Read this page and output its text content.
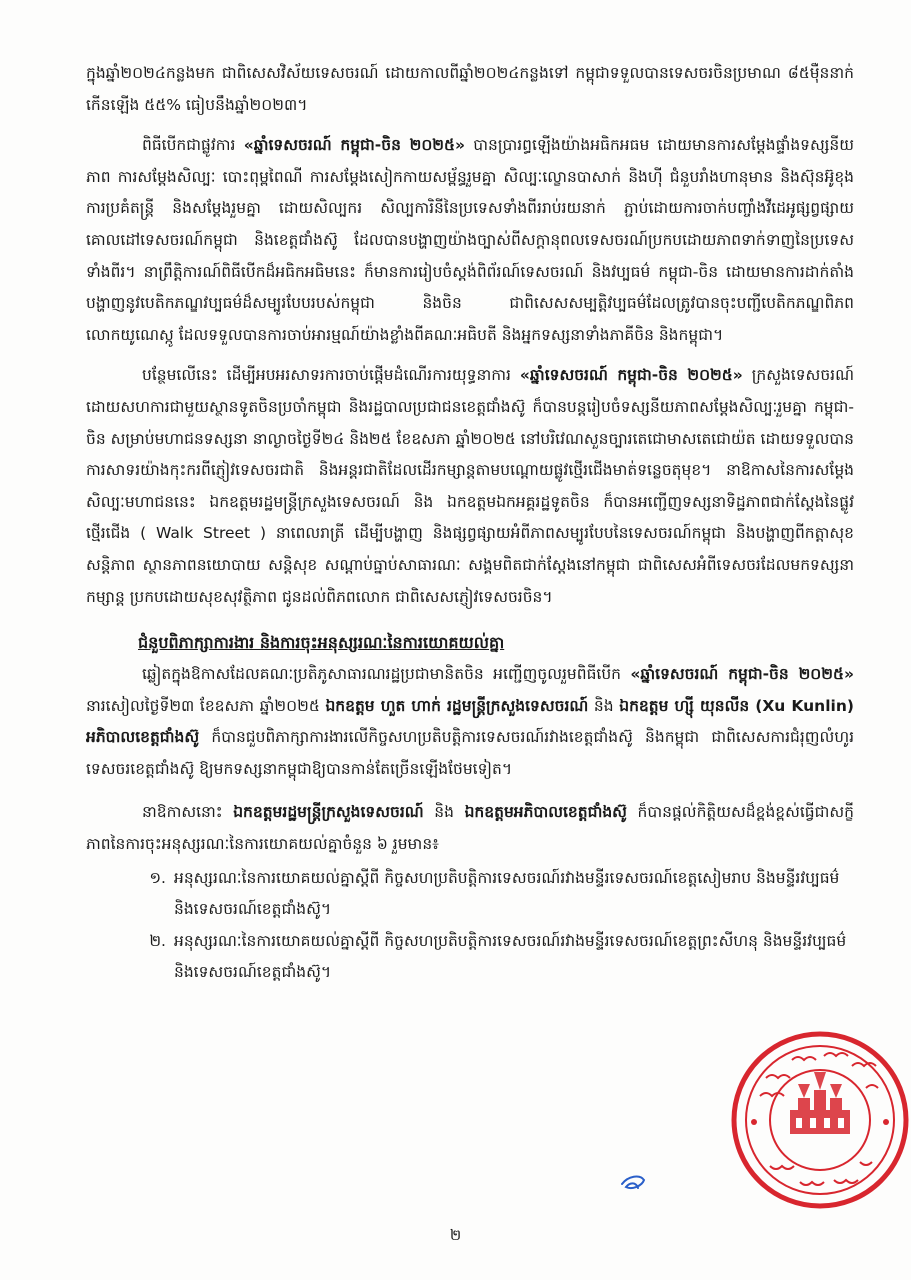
ក្នុងឆ្នាំ២០២៤កន្លងមក ជាពិសេសវិស័យទេសចរណ៍ ដោយកាលពីឆ្នាំ២០២៤កន្លងទៅ កម្ពុជាទទួលបានទេសចរចិនប្រមាណ ៨៥ម៉ឺននាក់ កើនឡើង ៥៥% ធៀបនឹងឆ្នាំ២០២៣។

ពិធីបើកជាផ្លូវការ «ឆ្នាំទេសចរណ៍ កម្ពុជា-ចិន ២០២៥» បានប្រារព្ធឡើងយ៉ាងអធិកអធម ដោយមានការសម្តែងផ្ទាំងទស្សនីយភាព ការសម្តែងសិល្បៈ បោះពុម្ពពៃណី ការសម្តែងសៀកកាយសម្ព័ន្ធរួមគ្នា សិល្បៈល្ខោនបាសាក់ និងហ៊ី ជំនួបរាំងហានុមាន និងស៊ុនអ៊ូខុង ការប្រគំតន្ត្រី និងសម្តែងរួមគ្នា ដោយសិល្បករ សិល្បការិនីនៃប្រទេសទាំងពីររាប់រយនាក់ ភ្ជាប់ដោយការចាក់បញ្ចាំងវីដេអូផ្សព្វផ្សាយគោលដៅទេសចរណ៍កម្ពុជា និងខេត្តជាំងស៊ូ ដែលបានបង្ហាញយ៉ាងច្បាស់ពីសក្តានុពលទេសចរណ៍ប្រកបដោយភាពទាក់ទាញនៃប្រទេសទាំងពីរ។ នាព្រឹត្តិការណ៍ពិធីបើកដ៏អធិកអធិមនេះ ក៏មានការរៀបចំស្តង់ពិព័រណ៍ទេសចរណ៍ និងវប្បធម៌ កម្ពុជា-ចិន ដោយមានការដាក់តាំងបង្ហាញនូវបេតិកភណ្ឌវប្បធម៌ដ៏សម្បូរបែបរបស់កម្ពុជា និងចិន ជាពិសេសសម្បត្តិវប្បធម៌ដែលត្រូវបានចុះបញ្ជីបេតិកភណ្ឌពិភពលោកយូណេស្កូ ដែលទទួលបានការចាប់អារម្មណ៍យ៉ាងខ្លាំងពីគណៈអធិបតី និងអ្នកទស្សនាទាំងភាគីចិន និងកម្ពុជា។

បន្ថែមលើនេះ ដើម្បីអបអរសាទរការចាប់ផ្តើមដំណើរការយុទ្ធនាការ «ឆ្នាំទេសចរណ៍ កម្ពុជា-ចិន ២០២៥» ក្រសួងទេសចរណ៍ ដោយសហការជាមួយស្ថានទូតចិនប្រចាំកម្ពុជា និងរដ្ឋបាលប្រជាជនខេត្តជាំងស៊ូ ក៏បានបន្តរៀបចំទស្សនីយភាពសម្តែងសិល្បៈរួមគ្នា កម្ពុជា-ចិន សម្រាប់មហាជនទស្សនា នាល្ងាចថ្ងៃទី២៤ និង២៥ ខែឧសភា ឆ្នាំ២០២៥ នៅបរិវេណសួនច្បារតេជោមាសតេជោយ៉ត ដោយទទួលបានការសាទរយ៉ាងកុះករពីភ្ញៀវទេសចរជាតិ និងអន្តរជាតិដែលដើរកម្សាន្តតាមបណ្តោយផ្លូវថ្មើរជើងមាត់ទន្លេចតុមុខ។ នាឱកាសនៃការសម្តែងសិល្បៈមហាជននេះ ឯកឧត្តមរដ្ឋមន្ត្រីក្រសួងទេសចរណ៍ និង ឯកឧត្តមឯកអគ្គរដ្ឋទូតចិន ក៏បានអញ្ជើញទស្សនាទិដ្ឋភាពជាក់ស្តែងនៃផ្លូវថ្មើរជើង ( Walk Street ) នាពេលរាត្រី ដើម្បីបង្ហាញ និងផ្សព្វផ្សាយអំពីភាពសម្បូរបែបនៃទេសចរណ៍កម្ពុជា និងបង្ហាញពីកត្តាសុខសន្តិភាព ស្ថានភាពនយោបាយ សន្តិសុខ សណ្តាប់ធ្នាប់សាធារណៈ សង្គមពិតជាក់ស្តែងនៅកម្ពុជា ជាពិសេសអំពីទេសចរដែលមកទស្សនាកម្សាន្ត ប្រកបដោយសុខសុវត្ថិភាព ជូនដល់ពិភពលោក ជាពិសេសភ្ញៀវទេសចរចិន។

ជំនួបពិភាក្សាការងារ និងការចុះអនុស្សរណៈនៃការយោគយល់គ្នា

ឆ្លៀតក្នុងឱកាសដែលគណៈប្រតិភូសាធារណរដ្ឋប្រជាមានិតចិន អញ្ជើញចូលរួមពិធីបើក «ឆ្នាំទេសចរណ៍ កម្ពុជា-ចិន ២០២៥» នារសៀលថ្ងៃទី២៣ ខែឧសភា ឆ្នាំ២០២៥ ឯកឧត្តម ហួត ហាក់ រដ្ឋមន្ត្រីក្រសួងទេសចរណ៍ និង ឯកឧត្តម ហ្ស៊ី យុនលីន (Xu Kunlin) អភិបាលខេត្តជាំងស៊ូ ក៏បានជួបពិភាក្សាការងារលើកិច្ចសហប្រតិបត្តិការទេសចរណ៍រវាងខេត្តជាំងស៊ូ និងកម្ពុជា ជាពិសេសការជំរុញលំហូរទេសចរខេត្តជាំងស៊ូ ឱ្យមកទស្សនាកម្ពុជាឱ្យបានកាន់តែច្រើនឡើងថែមទៀត។

នាឱកាសនោះ ឯកឧត្តមរដ្ឋមន្ត្រីក្រសួងទេសចរណ៍ និង ឯកឧត្តមអភិបាលខេត្តជាំងស៊ូ ក៏បានផ្តល់កិត្តិយសដ៏ខ្ពង់ខ្ពស់ធ្វើជាសក្ខីភាពនៃការចុះអនុស្សរណៈនៃការយោគយល់គ្នាចំនួន ៦ រួមមាន៖

១. អនុស្សរណៈនៃការយោគយល់គ្នាស្តីពី កិច្ចសហប្រតិបត្តិការទេសចរណ៍រវាងមន្ទីរទេសចរណ៍ខេត្តសៀមរាប និងមន្ទីរវប្បធម៌ និងទេសចរណ៍ខេត្តជាំងស៊ូ។
២. អនុស្សរណៈនៃការយោគយល់គ្នាស្តីពី កិច្ចសហប្រតិបត្តិការទេសចរណ៍រវាងមន្ទីរទេសចរណ៍ខេត្តព្រះសីហនុ និងមន្ទីរវប្បធម៌ និងទេសចរណ៍ខេត្តជាំងស៊ូ។
២
